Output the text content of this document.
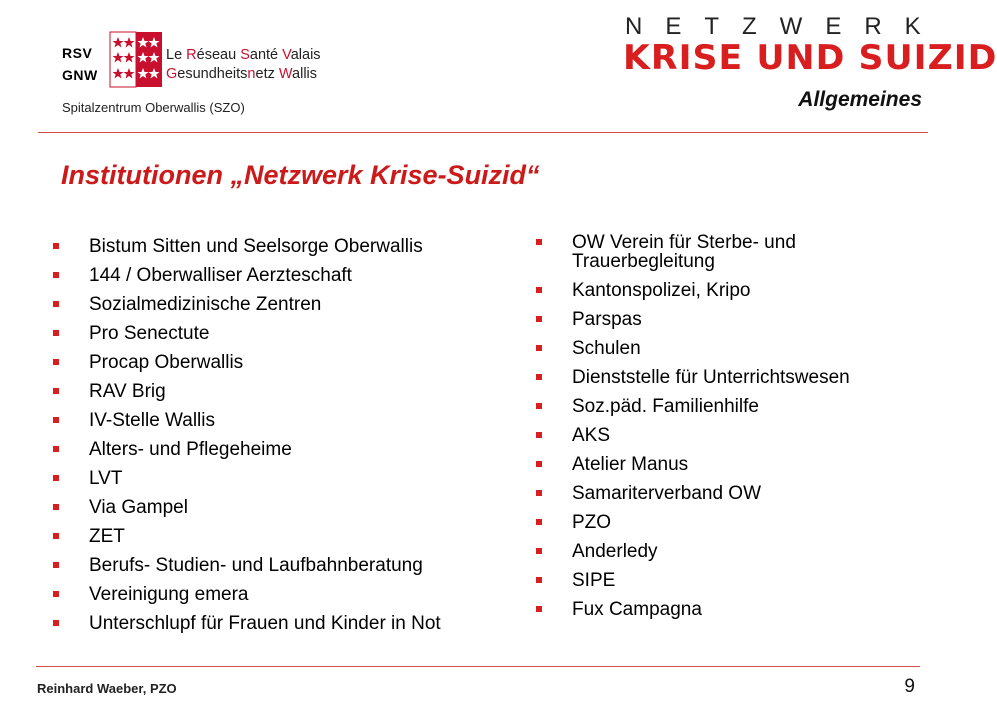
RSV
GNW
Le Réseau Santé Valais
Gesundheitsnetz Wallis
Spitalzentrum Oberwallis (SZO)
NETZWERK
KRISE UND SUIZID
Allgemeines
Institutionen „Netzwerk Krise-Suizid“
Bistum Sitten und Seelsorge Oberwallis
144 / Oberwalliser Aerzteschaft
Sozialmedizinische Zentren
Pro Senectute
Procap Oberwallis
RAV Brig
IV-Stelle Wallis
Alters- und Pflegeheime
LVT
Via Gampel
ZET
Berufs- Studien- und Laufbahnberatung
Vereinigung emera
Unterschlupf für Frauen und Kinder in Not
OW Verein für Sterbe- und Trauerbegleitung
Kantonspolizei, Kripo
Parspas
Schulen
Dienststelle für Unterrichtswesen
Soz.päd. Familienhilfe
AKS
Atelier Manus
Samariterverband OW
PZO
Anderledy
SIPE
Fux Campagna
Reinhard Waeber, PZO	9
